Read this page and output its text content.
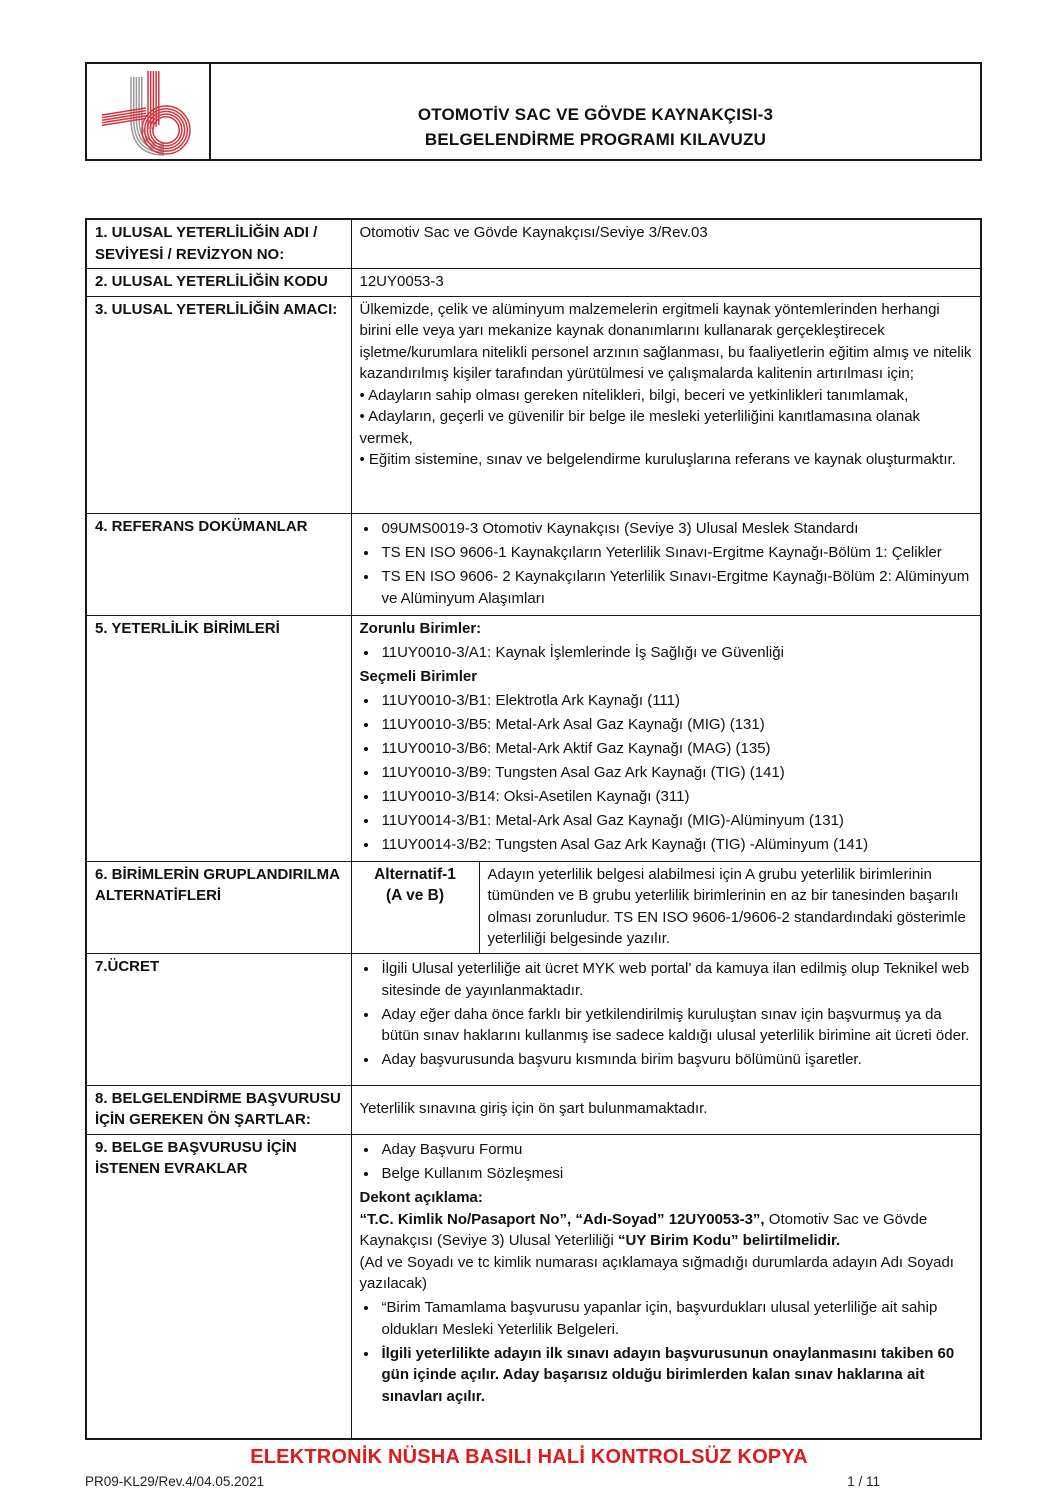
OTOMOTİV SAC VE GÖVDE KAYNAKÇISI-3
BELGELENDİRME PROGRAMI KILAVUZU
1. ULUSAL YETERLİLİĞİN ADI / SEVİYESİ / REVİZYON NO:	Otomotiv Sac ve Gövde Kaynakçısı/Seviye 3/Rev.03	
2. ULUSAL YETERLİLİĞİN KODU	12UY0053-3	
3. ULUSAL YETERLİLİĞİN AMACI:	Ülkemizde, çelik ve alüminyum malzemelerin ergitmeli kaynak yöntemlerinden herhangi birini elle veya yarı mekanize kaynak donanımlarını kullanarak gerçekleştirecek işletme/kurumlara nitelikli personel arzının sağlanması, bu faaliyetlerin eğitim almış ve nitelik kazandırılmış kişiler tarafından yürütülmesi ve çalışmalarda kalitenin artırılması için;

• Adayların sahip olması gereken nitelikleri, bilgi, beceri ve yetkinlikleri tanımlamak,

• Adayların, geçerli ve güvenilir bir belge ile mesleki yeterliliğini kanıtlamasına olanak vermek,

• Eğitim sistemine, sınav ve belgelendirme kuruluşlarına referans ve kaynak oluşturmaktır.	

4. REFERANS DOKÜMANLAR	
•09UMS0019-3 Otomotiv Kaynakçısı (Seviye 3) Ulusal Meslek Standardı
• TS EN ISO 9606-1 Kaynakçıların Yeterlilik Sınavı-Ergitme Kaynağı-Bölüm 1: Çelikler
• TS EN ISO 9606- 2 Kaynakçıların Yeterlilik Sınavı-Ergitme Kaynağı-Bölüm 2: Alüminyum ve Alüminyum Alaşımları

5. YETERLİLİK BİRİMLERİ	Zorunlu Birimler:

• 11UY0010-3/A1: Kaynak İşlemlerinde İş Sağlığı ve Güvenliği

Seçmeli Birimler

• 11UY0010-3/B1: Elektrotla Ark Kaynağı (111)
• 11UY0010-3/B5: Metal-Ark Asal Gaz Kaynağı (MIG) (131)
• 11UY0010-3/B6: Metal-Ark Aktif Gaz Kaynağı (MAG) (135)
• 11UY0010-3/B9: Tungsten Asal Gaz Ark Kaynağı (TIG) (141)
• 11UY0010-3/B14: Oksi-Asetilen Kaynağı (311)
• 11UY0014-3/B1: Metal-Ark Asal Gaz Kaynağı (MIG)-Alüminyum (131)
• 11UY0014-3/B2: Tungsten Asal Gaz Ark Kaynağı (TIG) -Alüminyum (141)

6. BİRİMLERİN GRUPLANDIRILMA ALTERNATİFLERİ	Alternatif-1
(A ve B)	Adayın yeterlilik belgesi alabilmesi için A grubu yeterlilik birimlerinin tümünden ve B grubu yeterlilik birimlerinin en az bir tanesinden başarılı olması zorunludur. TS EN ISO 9606-1/9606-2 standardındaki gösterimle yeterliliği belgesinde yazılır.
7.ÜCRET	
•İlgili Ulusal yeterliliğe ait ücret MYK web portal’ da kamuya ilan edilmiş olup Teknikel web sitesinde de yayınlanmaktadır.
• Aday eğer daha önce farklı bir yetkilendirilmiş kuruluştan sınav için başvurmuş ya da bütün sınav haklarını kullanmış ise sadece kaldığı ulusal yeterlilik birimine ait ücreti öder.
• Aday başvurusunda başvuru kısmında birim başvuru bölümünü işaretler.

8. BELGELENDİRME BAŞVURUSU İÇİN GEREKEN ÖN ŞARTLAR:	Yeterlilik sınavına giriş için ön şart bulunmamaktadır.	
9. BELGE BAŞVURUSU İÇİN İSTENEN EVRAKLAR	
• Aday Başvuru Formu
• Belge Kullanım Sözleşmesi

Dekont açıklama:

“T.C. Kimlik No/Pasaport No”, “Adı-Soyad” 12UY0053-3”, Otomotiv Sac ve Gövde Kaynakçısı (Seviye 3) Ulusal Yeterliliği “UY Birim Kodu” belirtilmelidir.

(Ad ve Soyadı ve tc kimlik numarası açıklamaya sığmadığı durumlarda adayın Adı Soyadı yazılacak)

• “Birim Tamamlama başvurusu yapanlar için, başvurdukları ulusal yeterliliğe ait sahip oldukları Mesleki Yeterlilik Belgeleri.
• İlgili yeterlilikte adayın ilk sınavı adayın başvurusunun onaylanmasını takiben 60 gün içinde açılır. Aday başarısız olduğu birimlerden kalan sınav haklarına ait sınavları açılır.
ELEKTRONİK NÜSHA BASILI HALİ KONTROLSÜZ KOPYA
PR09-KL29/Rev.4/04.05.2021	1 / 11
